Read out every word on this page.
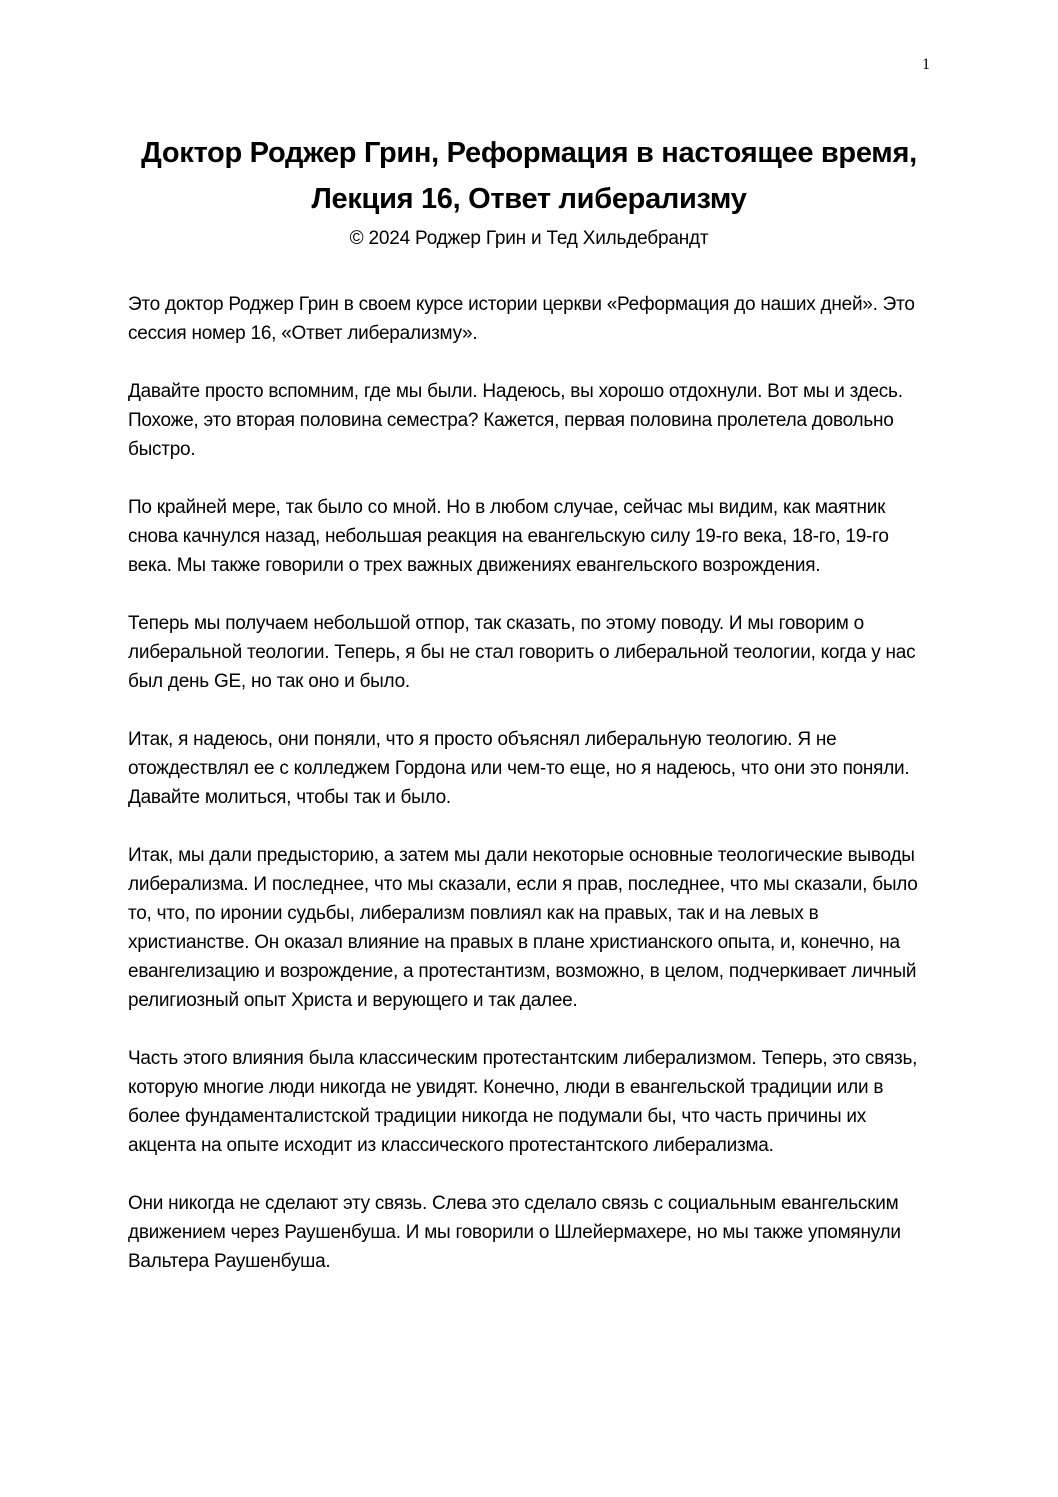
1
Доктор Роджер Грин, Реформация в настоящее время, Лекция 16, Ответ либерализму
© 2024 Роджер Грин и Тед Хильдебрандт

Это доктор Роджер Грин в своем курсе истории церкви «Реформация до наших дней». Это сессия номер 16, «Ответ либерализму».

Давайте просто вспомним, где мы были. Надеюсь, вы хорошо отдохнули. Вот мы и здесь. Похоже, это вторая половина семестра? Кажется, первая половина пролетела довольно быстро.

По крайней мере, так было со мной. Но в любом случае, сейчас мы видим, как маятник снова качнулся назад, небольшая реакция на евангельскую силу 19-го века, 18-го, 19-го века. Мы также говорили о трех важных движениях евангельского возрождения.

Теперь мы получаем небольшой отпор, так сказать, по этому поводу. И мы говорим о либеральной теологии. Теперь, я бы не стал говорить о либеральной теологии, когда у нас был день GE, но так оно и было.

Итак, я надеюсь, они поняли, что я просто объяснял либеральную теологию. Я не отождествлял ее с колледжем Гордона или чем-то еще, но я надеюсь, что они это поняли. Давайте молиться, чтобы так и было.

Итак, мы дали предысторию, а затем мы дали некоторые основные теологические выводы либерализма. И последнее, что мы сказали, если я прав, последнее, что мы сказали, было то, что, по иронии судьбы, либерализм повлиял как на правых, так и на левых в христианстве. Он оказал влияние на правых в плане христианского опыта, и, конечно, на евангелизацию и возрождение, а протестантизм, возможно, в целом, подчеркивает личный религиозный опыт Христа и верующего и так далее.

Часть этого влияния была классическим протестантским либерализмом. Теперь, это связь, которую многие люди никогда не увидят. Конечно, люди в евангельской традиции или в более фундаменталистской традиции никогда не подумали бы, что часть причины их акцента на опыте исходит из классического протестантского либерализма.

Они никогда не сделают эту связь. Слева это сделало связь с социальным евангельским движением через Раушенбуша. И мы говорили о Шлейермахере, но мы также упомянули Вальтера Раушенбуша.
